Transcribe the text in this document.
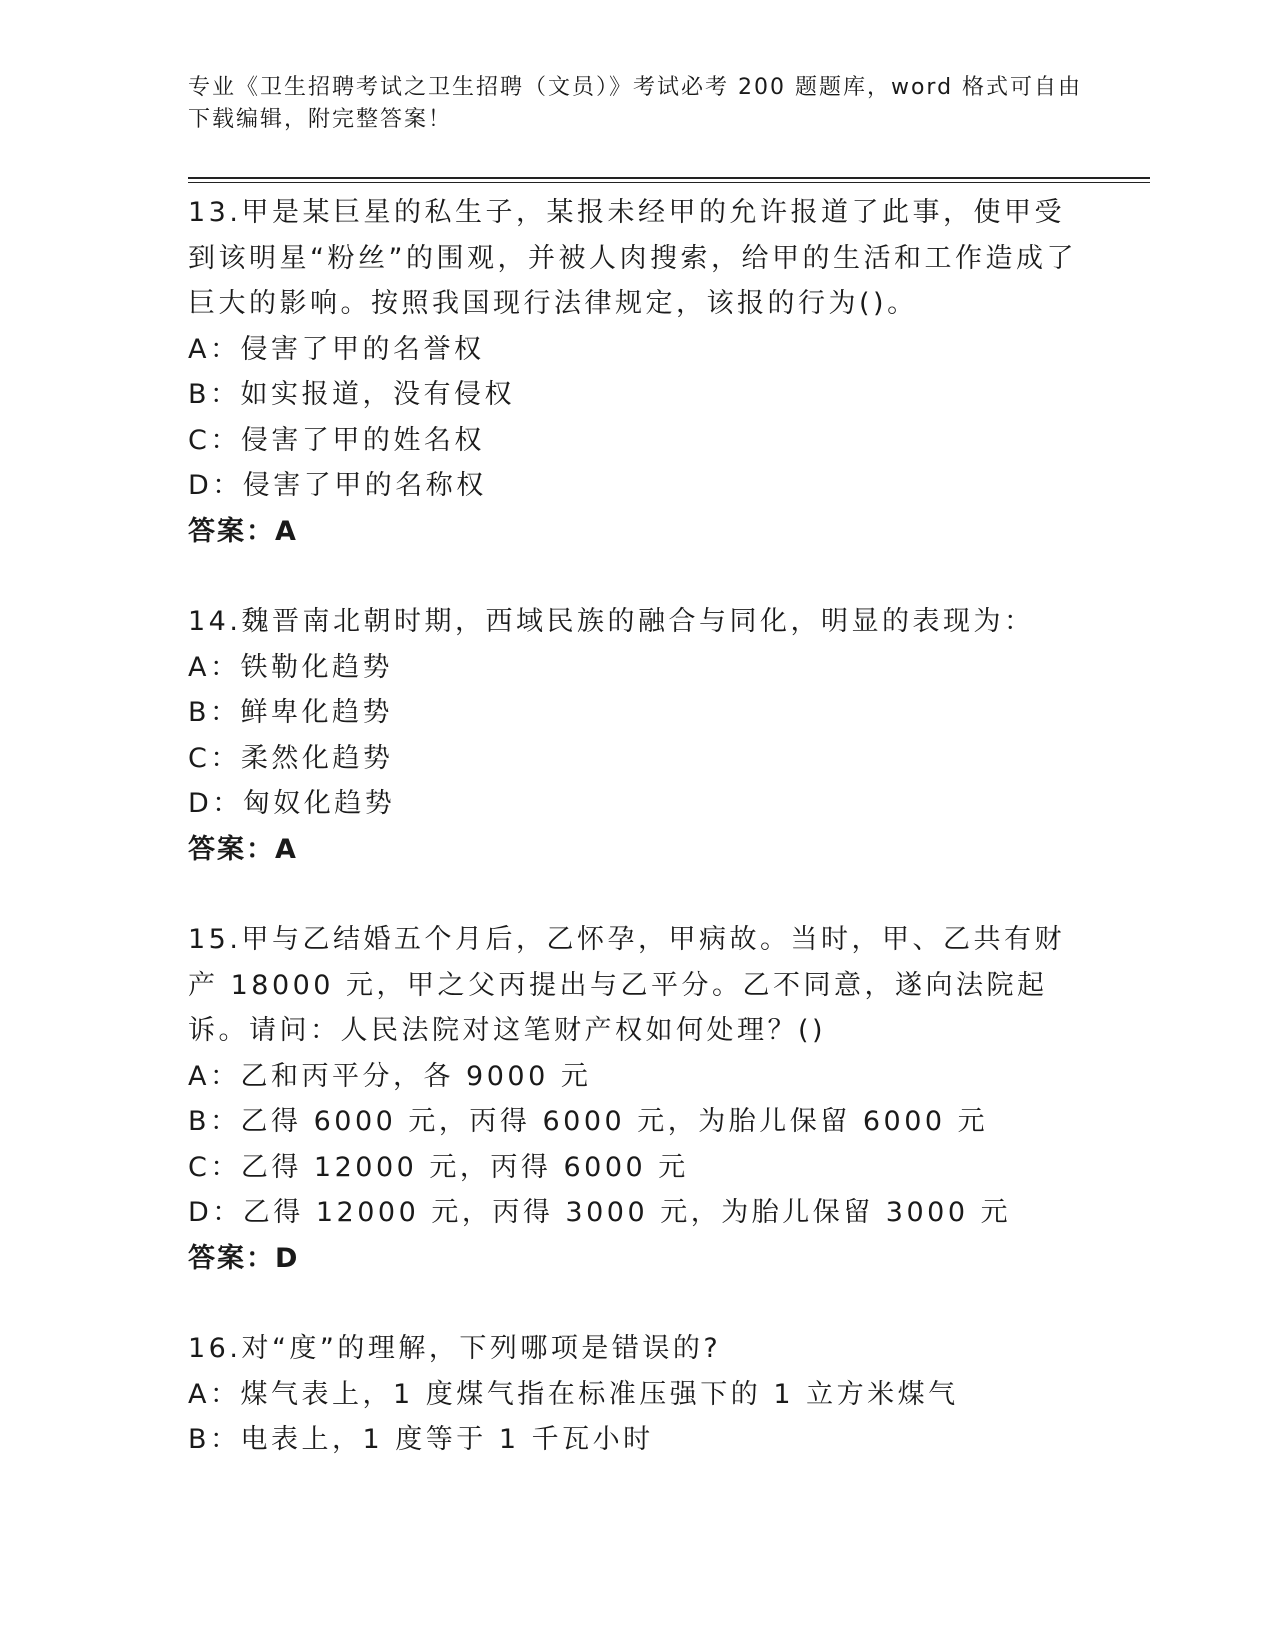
专业《卫生招聘考试之卫生招聘（文员）》考试必考 200 题题库，word 格式可自由下载编辑，附完整答案！
13.甲是某巨星的私生子，某报未经甲的允许报道了此事，使甲受到该明星“粉丝”的围观，并被人肉搜索，给甲的生活和工作造成了巨大的影响。按照我国现行法律规定，该报的行为()。
A：侵害了甲的名誉权
B：如实报道，没有侵权
C：侵害了甲的姓名权
D：侵害了甲的名称权
答案：A
14.魏晋南北朝时期，西域民族的融合与同化，明显的表现为：
A：铁勒化趋势
B：鲜卑化趋势
C：柔然化趋势
D：匈奴化趋势
答案：A
15.甲与乙结婚五个月后，乙怀孕，甲病故。当时，甲、乙共有财产 18000 元，甲之父丙提出与乙平分。乙不同意，遂向法院起诉。请问：人民法院对这笔财产权如何处理？()
A：乙和丙平分，各 9000 元
B：乙得 6000 元，丙得 6000 元，为胎儿保留 6000 元
C：乙得 12000 元，丙得 6000 元
D：乙得 12000 元，丙得 3000 元，为胎儿保留 3000 元
答案：D
16.对“度”的理解，下列哪项是错误的?
A：煤气表上，1 度煤气指在标准压强下的 1 立方米煤气
B：电表上，1 度等于 1 千瓦小时
